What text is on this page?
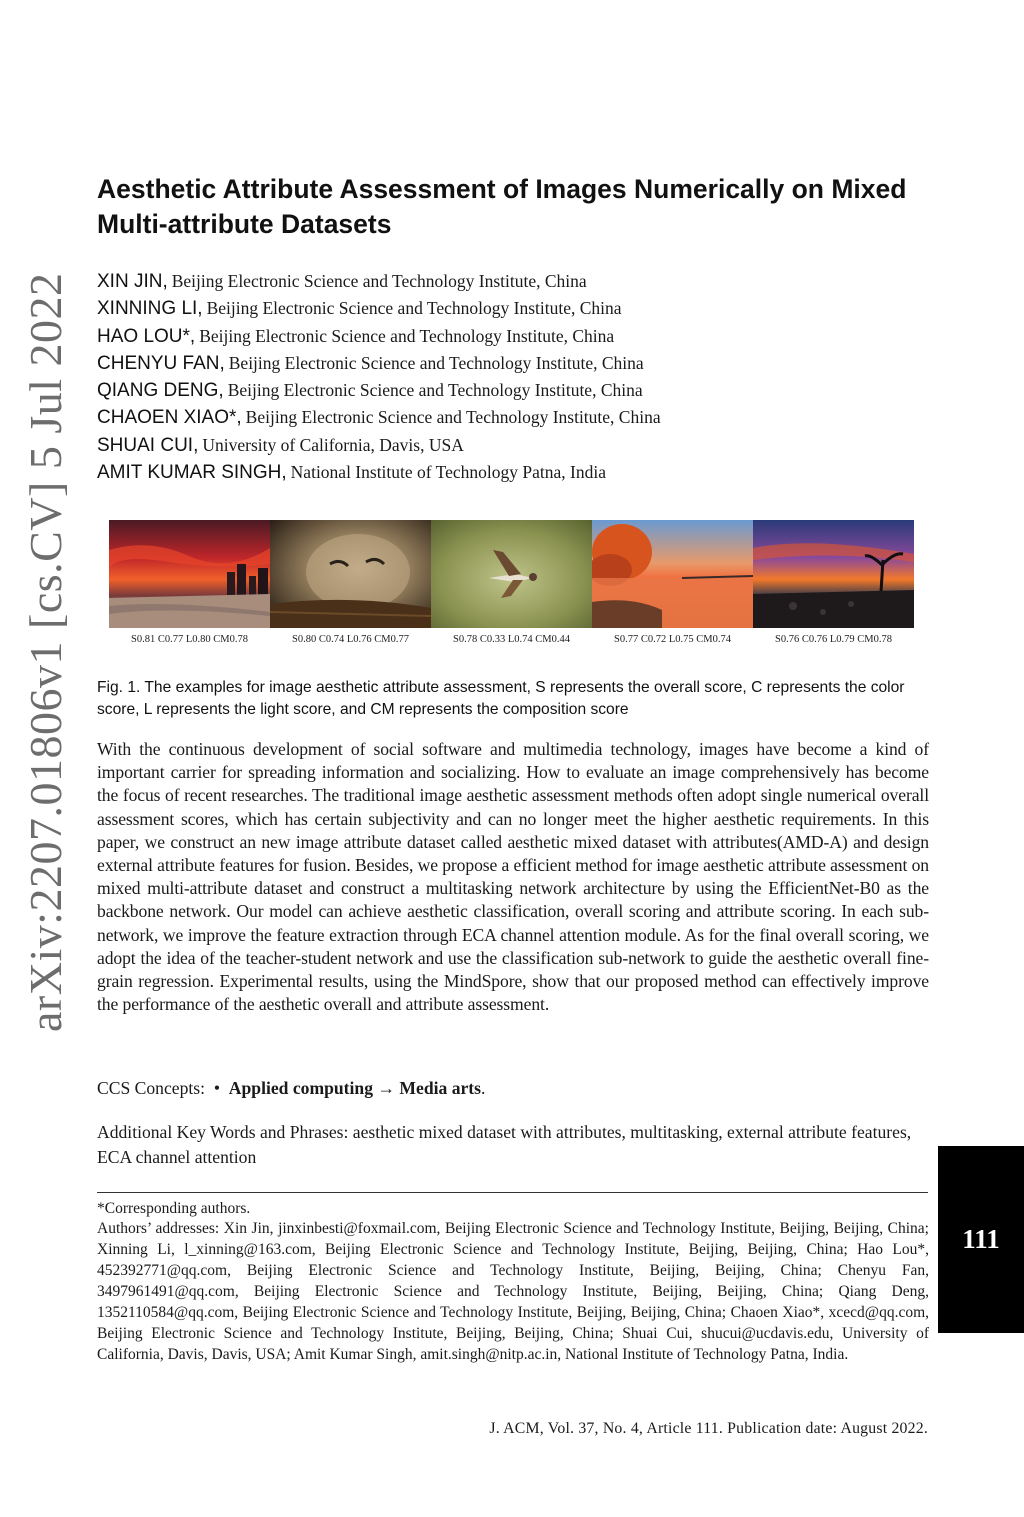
arXiv:2207.01806v1 [cs.CV] 5 Jul 2022
Aesthetic Attribute Assessment of Images Numerically on Mixed Multi-attribute Datasets
XIN JIN, Beijing Electronic Science and Technology Institute, China
XINNING LI, Beijing Electronic Science and Technology Institute, China
HAO LOU*, Beijing Electronic Science and Technology Institute, China
CHENYU FAN, Beijing Electronic Science and Technology Institute, China
QIANG DENG, Beijing Electronic Science and Technology Institute, China
CHAOEN XIAO*, Beijing Electronic Science and Technology Institute, China
SHUAI CUI, University of California, Davis, USA
AMIT KUMAR SINGH, National Institute of Technology Patna, India
S0.81 C0.77 L0.80 CM0.78	S0.80 C0.74 L0.76 CM0.77	S0.78 C0.33 L0.74 CM0.44	S0.77 C0.72 L0.75 CM0.74	S0.76 C0.76 L0.79 CM0.78

Fig. 1. The examples for image aesthetic attribute assessment, S represents the overall score, C represents the color score, L represents the light score, and CM represents the composition score

With the continuous development of social software and multimedia technology, images have become a kind of important carrier for spreading information and socializing. How to evaluate an image comprehensively has become the focus of recent researches. The traditional image aesthetic assessment methods often adopt single numerical overall assessment scores, which has certain subjectivity and can no longer meet the higher aesthetic requirements. In this paper, we construct an new image attribute dataset called aesthetic mixed dataset with attributes(AMD-A) and design external attribute features for fusion. Besides, we propose a efficient method for image aesthetic attribute assessment on mixed multi-attribute dataset and construct a multitasking network architecture by using the EfficientNet-B0 as the backbone network. Our model can achieve aesthetic classification, overall scoring and attribute scoring. In each sub-network, we improve the feature extraction through ECA channel attention module. As for the final overall scoring, we adopt the idea of the teacher-student network and use the classification sub-network to guide the aesthetic overall fine-grain regression. Experimental results, using the MindSpore, show that our proposed method can effectively improve the performance of the aesthetic overall and attribute assessment.

CCS Concepts: • Applied computing → Media arts.

Additional Key Words and Phrases: aesthetic mixed dataset with attributes, multitasking, external attribute features, ECA channel attention

*Corresponding authors.

Authors’ addresses: Xin Jin, jinxinbesti@foxmail.com, Beijing Electronic Science and Technology Institute, Beijing, Beijing, China; Xinning Li, l_xinning@163.com, Beijing Electronic Science and Technology Institute, Beijing, Beijing, China; Hao Lou*, 452392771@qq.com, Beijing Electronic Science and Technology Institute, Beijing, Beijing, China; Chenyu Fan, 3497961491@qq.com, Beijing Electronic Science and Technology Institute, Beijing, Beijing, China; Qiang Deng, 1352110584@qq.com, Beijing Electronic Science and Technology Institute, Beijing, Beijing, China; Chaoen Xiao*, xcecd@qq.com, Beijing Electronic Science and Technology Institute, Beijing, Beijing, China; Shuai Cui, shucui@ucdavis.edu, University of California, Davis, Davis, USA; Amit Kumar Singh, amit.singh@nitp.ac.in, National Institute of Technology Patna, India.

J. ACM, Vol. 37, No. 4, Article 111. Publication date: August 2022.

111
